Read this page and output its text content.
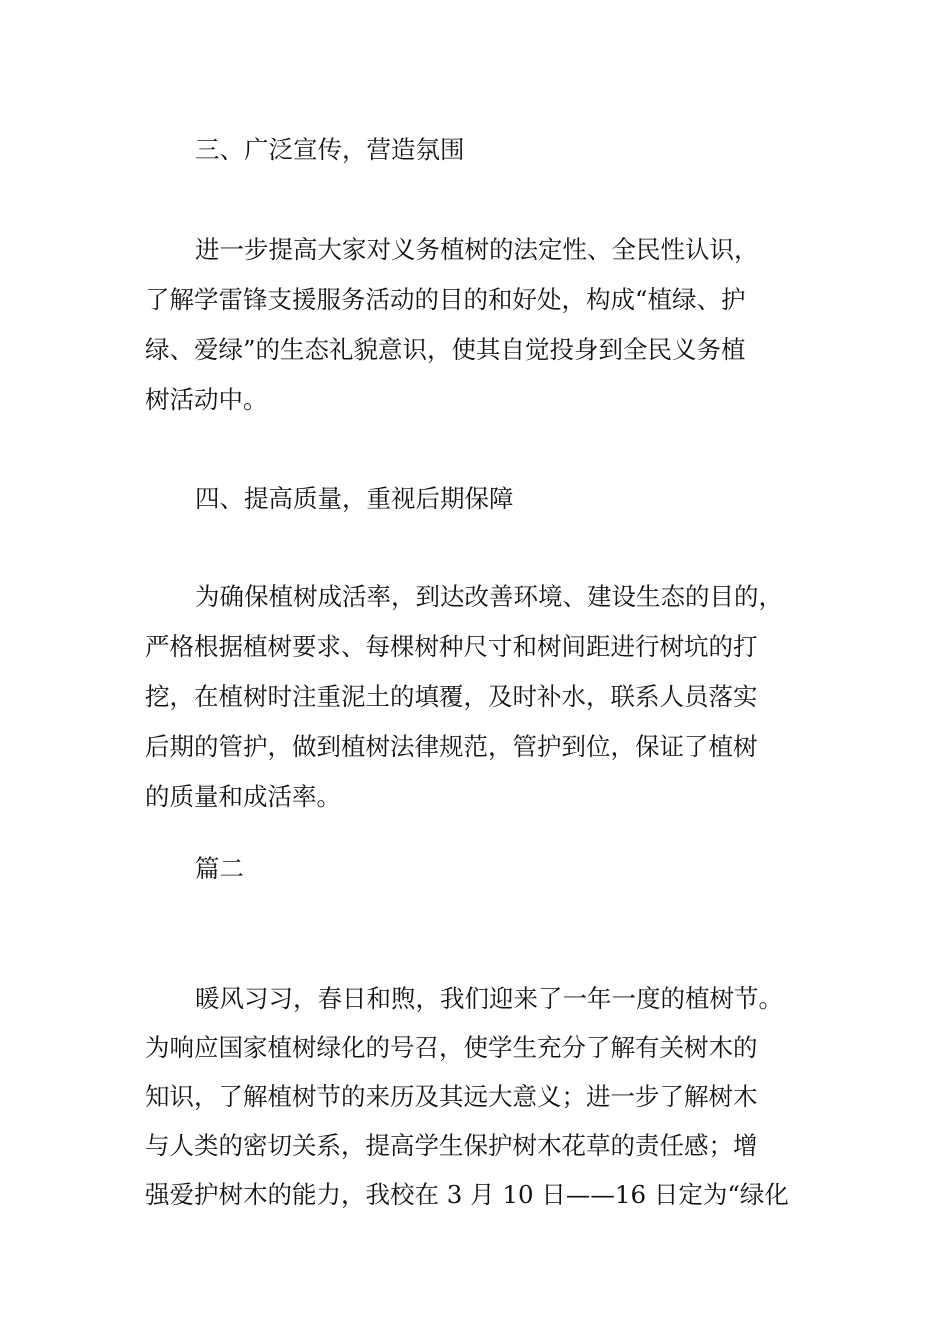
三、广泛宣传，营造氛围
进一步提高大家对义务植树的法定性、全民性认识，
了解学雷锋支援服务活动的目的和好处，构成“植绿、护
绿、爱绿”的生态礼貌意识，使其自觉投身到全民义务植
树活动中。
四、提高质量，重视后期保障
为确保植树成活率，到达改善环境、建设生态的目的，
严格根据植树要求、每棵树种尺寸和树间距进行树坑的打
挖，在植树时注重泥土的填覆，及时补水，联系人员落实
后期的管护，做到植树法律规范，管护到位，保证了植树
的质量和成活率。
篇二
暖风习习，春日和煦，我们迎来了一年一度的植树节。
为响应国家植树绿化的号召，使学生充分了解有关树木的
知识，了解植树节的来历及其远大意义；进一步了解树木
与人类的密切关系，提高学生保护树木花草的责任感；增
强爱护树木的能力，我校在 3 月 10 日——16 日定为“绿化
